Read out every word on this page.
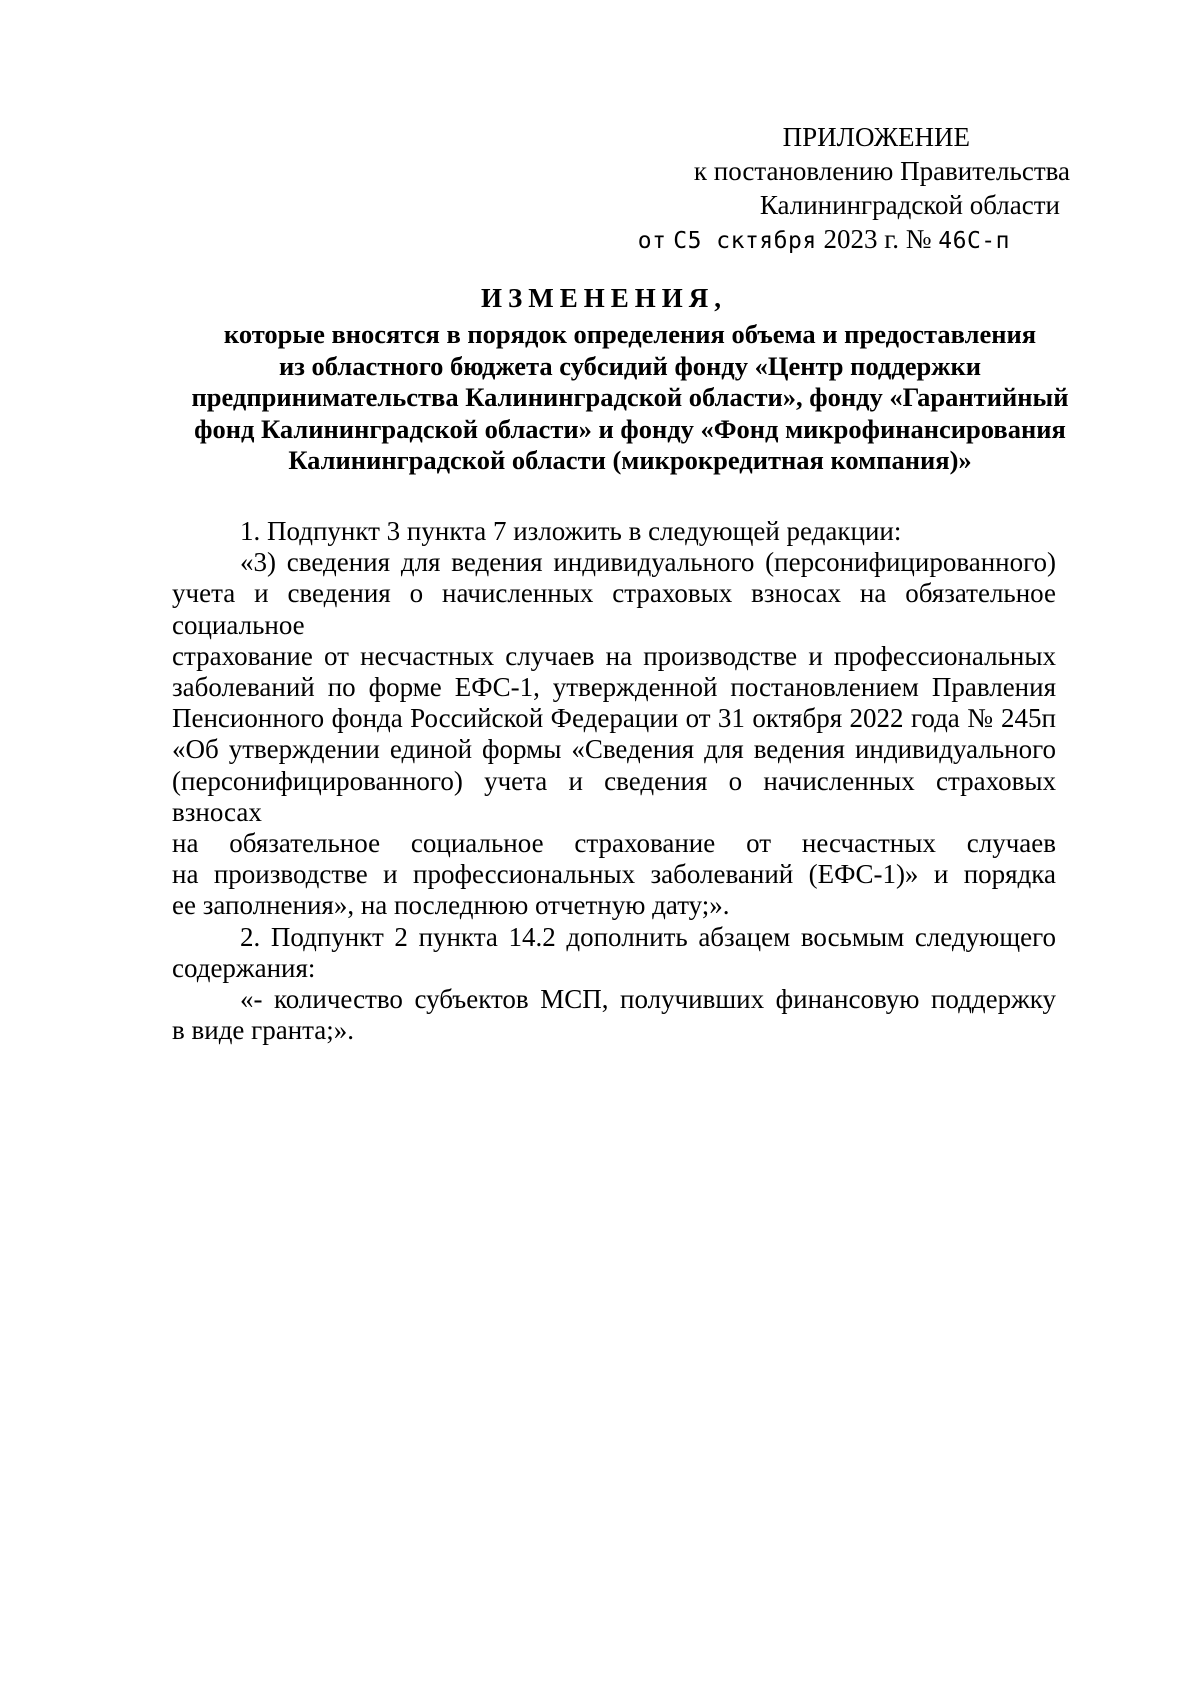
ПРИЛОЖЕНИЕ
к постановлению Правительства
Калининградской области
от С5 сктября 2023 г. № 46С-п
ИЗМЕНЕНИЯ,
которые вносятся в порядок определения объема и предоставления
из областного бюджета субсидий фонду «Центр поддержки
предпринимательства Калининградской области», фонду «Гарантийный
фонд Калининградской области» и фонду «Фонд микрофинансирования
Калининградской области (микрокредитная компания)»
1. Подпункт 3 пункта 7 изложить в следующей редакции:
«3) сведения для ведения индивидуального (персонифицированного)
учета и сведения о начисленных страховых взносах на обязательное социальное
страхование от несчастных случаев на производстве и профессиональных
заболеваний по форме ЕФС-1, утвержденной постановлением Правления
Пенсионного фонда Российской Федерации от 31 октября 2022 года № 245п
«Об утверждении единой формы «Сведения для ведения индивидуального
(персонифицированного) учета и сведения о начисленных страховых взносах
на обязательное социальное страхование от несчастных случаев
на производстве и профессиональных заболеваний (ЕФС-1)» и порядка
ее заполнения», на последнюю отчетную дату;».
2. Подпункт 2 пункта 14.2 дополнить абзацем восьмым следующего
содержания:
«- количество субъектов МСП, получивших финансовую поддержку
в виде гранта;».
